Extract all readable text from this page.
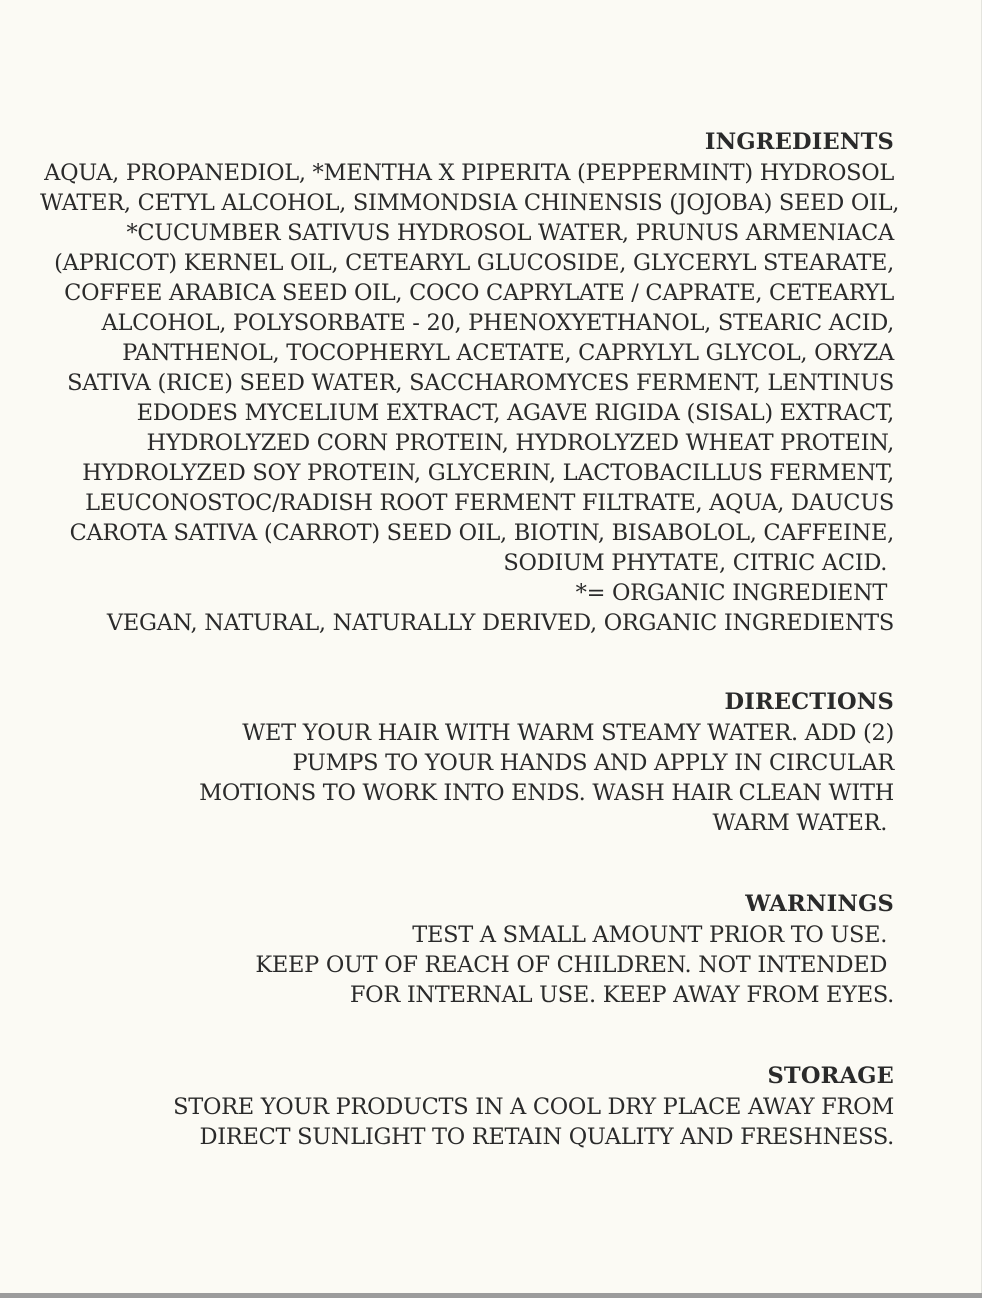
INGREDIENTS
AQUA, PROPANEDIOL, *MENTHA X PIPERITA (PEPPERMINT) HYDROSOL
WATER, CETYL ALCOHOL, SIMMONDSIA CHINENSIS (JOJOBA) SEED OIL,
*CUCUMBER SATIVUS HYDROSOL WATER, PRUNUS ARMENIACA
(APRICOT) KERNEL OIL, CETEARYL GLUCOSIDE, GLYCERYL STEARATE,
COFFEE ARABICA SEED OIL, COCO CAPRYLATE / CAPRATE, CETEARYL
ALCOHOL, POLYSORBATE - 20, PHENOXYETHANOL, STEARIC ACID,
PANTHENOL, TOCOPHERYL ACETATE, CAPRYLYL GLYCOL, ORYZA
SATIVA (RICE) SEED WATER, SACCHAROMYCES FERMENT, LENTINUS
EDODES MYCELIUM EXTRACT, AGAVE RIGIDA (SISAL) EXTRACT,
HYDROLYZED CORN PROTEIN, HYDROLYZED WHEAT PROTEIN,
HYDROLYZED SOY PROTEIN, GLYCERIN, LACTOBACILLUS FERMENT,
LEUCONOSTOC/RADISH ROOT FERMENT FILTRATE, AQUA, DAUCUS
CAROTA SATIVA (CARROT) SEED OIL, BIOTIN, BISABOLOL, CAFFEINE,
SODIUM PHYTATE, CITRIC ACID.
*= ORGANIC INGREDIENT
VEGAN, NATURAL, NATURALLY DERIVED, ORGANIC INGREDIENTS
DIRECTIONS
WET YOUR HAIR WITH WARM STEAMY WATER. ADD (2)
PUMPS TO YOUR HANDS AND APPLY IN CIRCULAR
MOTIONS TO WORK INTO ENDS. WASH HAIR CLEAN WITH
WARM WATER.
WARNINGS
TEST A SMALL AMOUNT PRIOR TO USE.
KEEP OUT OF REACH OF CHILDREN. NOT INTENDED
FOR INTERNAL USE. KEEP AWAY FROM EYES.
STORAGE
STORE YOUR PRODUCTS IN A COOL DRY PLACE AWAY FROM
DIRECT SUNLIGHT TO RETAIN QUALITY AND FRESHNESS.
